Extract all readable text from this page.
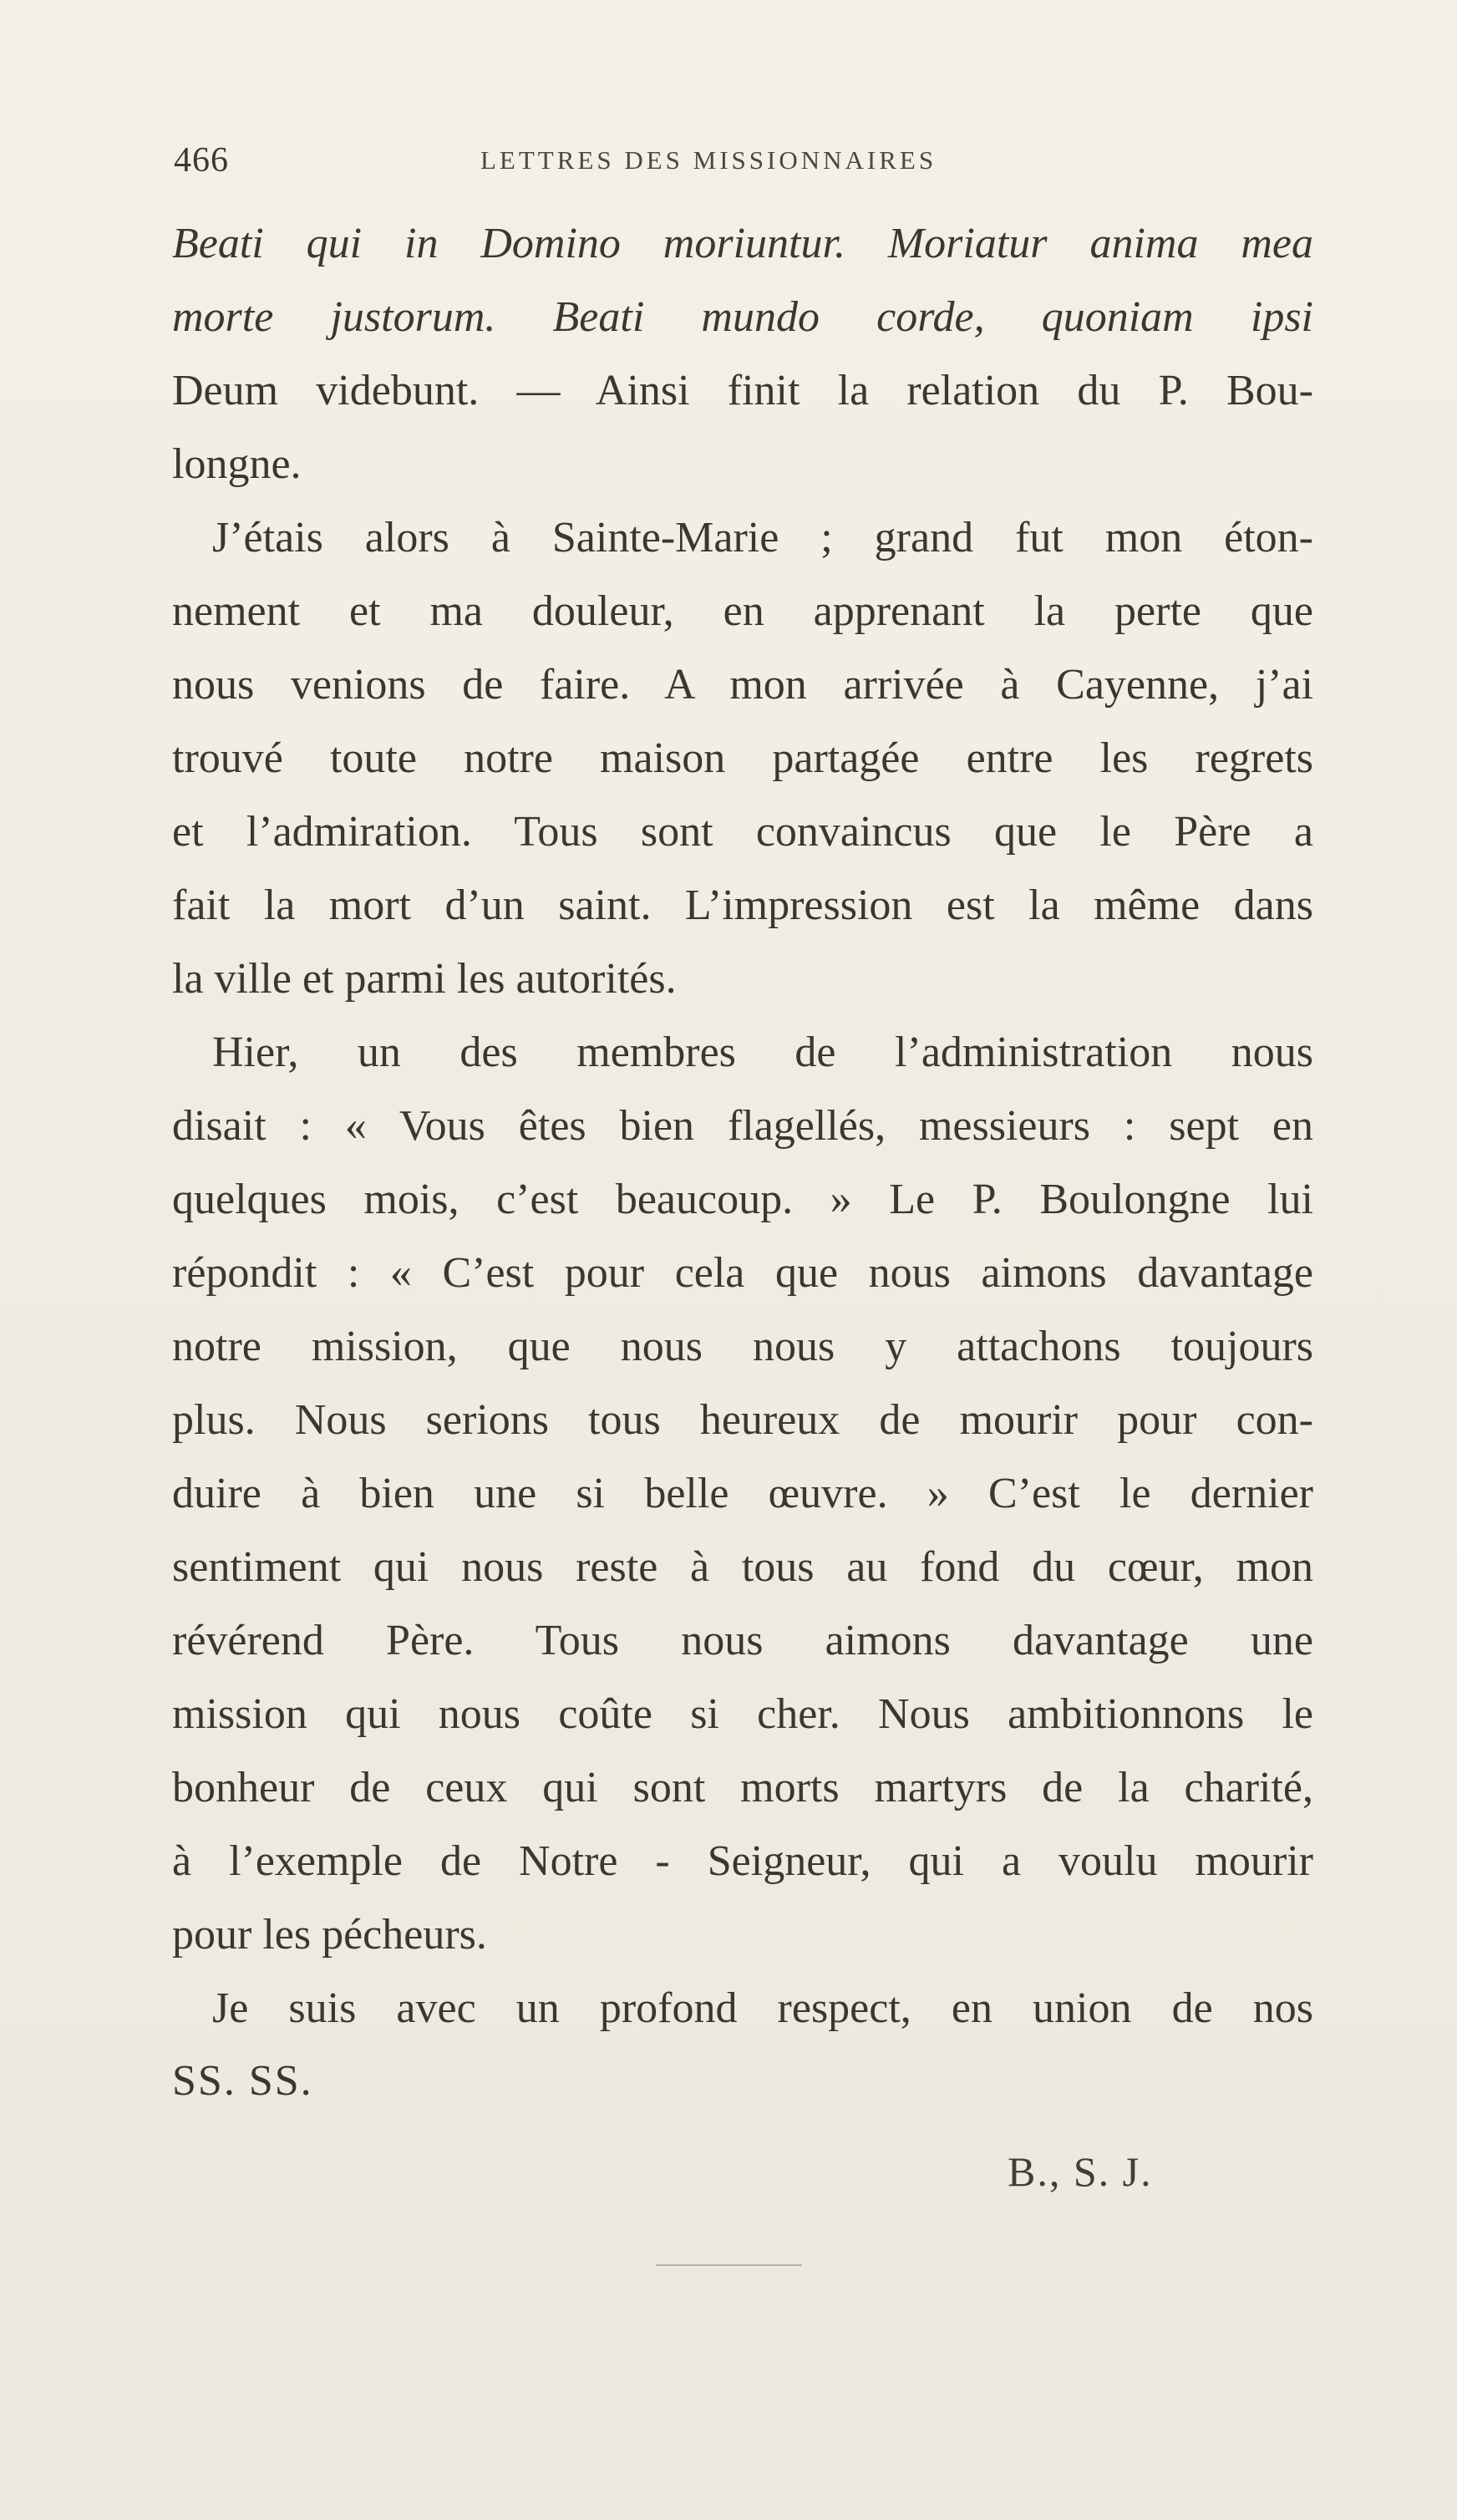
466	LETTRES DES MISSIONNAIRES
Beati qui in Domino moriuntur. Moriatur anima mea
morte justorum. Beati mundo corde, quoniam ipsi
Deum videbunt. — Ainsi finit la relation du P. Bou-
longne.
J’étais alors à Sainte-Marie ; grand fut mon éton-
nement et ma douleur, en apprenant la perte que
nous venions de faire. A mon arrivée à Cayenne, j’ai
trouvé toute notre maison partagée entre les regrets
et l’admiration. Tous sont convaincus que le Père a
fait la mort d’un saint. L’impression est la même dans
la ville et parmi les autorités.
Hier, un des membres de l’administration nous
disait : « Vous êtes bien flagellés, messieurs : sept en
quelques mois, c’est beaucoup. » Le P. Boulongne lui
répondit : « C’est pour cela que nous aimons davantage
notre mission, que nous nous y attachons toujours
plus. Nous serions tous heureux de mourir pour con-
duire à bien une si belle œuvre. » C’est le dernier
sentiment qui nous reste à tous au fond du cœur, mon
révérend Père. Tous nous aimons davantage une
mission qui nous coûte si cher. Nous ambitionnons le
bonheur de ceux qui sont morts martyrs de la charité,
à l’exemple de Notre - Seigneur, qui a voulu mourir
pour les pécheurs.
Je suis avec un profond respect, en union de nos
SS. SS.
B., S. J.
